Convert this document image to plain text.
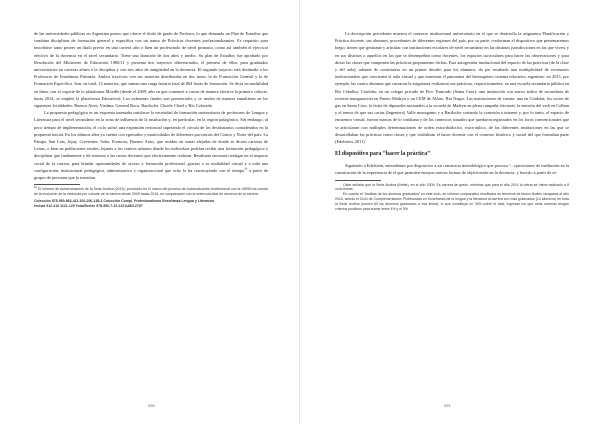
de las universidades públicas en Argentina puesto que ofrece el título de grado de Profesor, lo que demanda un Plan de Estudios que combina disciplinas de formación general y específica con un tramo de Prácticas docentes profesionalizantes. Es requisito para inscribirse tanto poseer un título previo en una carrera afín o bien un profesorado de nivel primario, como así también el ejercicio efectivo de la docencia en el nivel secundario. Tiene una duración de dos años y medio. Su plan de Estudios fue aprobado por Resolución del Ministerio de Educación 1980/11 y presenta dos trayectos diferenciados, el primero de ellos, para graduados universitarios en carreras afines a la disciplina y con tres años de antigüedad en la docencia. El segundo trayecto está destinado a los Profesores de Enseñanza Primaria. Ambos trayectos ven sus materias distribuidas en dos áreas, la de Formación General y la de Formación Específica. Son, en total, 13 materias, que suman una carga horaria total de 864 horas de formación. Se dicta en modalidad en línea, con el soporte de la plataforma Moodle (desde el 2009, año en que comenzó a cursar de manera efectiva la primera cohorte, hasta 2014, se empleó la plataforma Educativa). Los exámenes finales son presenciales y se rinden de manera simultánea en las siguientes localidades: Buenos Aires, Viedma, General Roca, Bariloche, Choele Choel y Río Colorado.

La propuesta pedagógica es un esquema intentaba satisfacer la necesidad de formación universitaria de profesores de Lengua y Literatura para el nivel secundario en la zona de influencia de la institución y, en particular, en la región patagónica. Sin embargo, al poco tiempo de implementación, el ciclo sufrió una expansión territorial superando el circulo de los destinatarios considerados en la propuesta inicial. En los últimos años ya cuenta con egresados y matriculados de diferentes provincias del Centro y Norte del país: La Pampa, San Luis, Jujuy, Corrientes, Salta, Formosa, Buenos Aires, que residen en zonas alejadas de donde es dictan carreras de Letras, o bien en poblaciones rurales, lejanas a los centros urbanos donde los individuos podrían recibir una formación pedagógica y disciplinar que fundamente y dé sustento a las tareas docentes que efectivamente realizan. Resultaría necesario indagar en el impacto social de la carrera, para brindar oportunidades de acceso y formación profesional, gracias a su modalidad virtual y a toda una configuración, institucional pedagógica, administrativa y organizacional que echo lo ha construyendo con el tiempo$^{16}$ a partir de grupos de personas que la transitan.

$^{16}$ El Informe de Autoevaluación de la Sede Andina (2016), producido en el marco del proceso de Autoevaluación Institucional con la UNRN da cuenta de la evolución de la matrícula por cohorte de la carrera desde 2009 hasta 2016, en comparación con la matrícula total de alumnos de la carrera.

Colección 978-950-863-411-302-200-138-3 Colección Compl. Profesionalismo Enseñanza Lengua y Literatura
revista 312-313 1121-125 Total/Series 978-950-7-22-12211863-2757
290

La descripción precedente muestra el contexto institucional universitario en el que se desarrolla la asignatura Planificación y Práctica docente, sus alumnos, procedentes de diferentes regiones del país, por su parte, conforman el dispositivo que presentaremos luego, tienen que gestionar y articular con instituciones escolares de nivel secundario en las distintas jurisdicciones en las que viven, y en sus distritos o aquellos en los que se desempeñan como docentes, los espacios curriculares para hacer las observaciones y para dictar las clases que componen las prácticas propiamente dichas. Esta autogestión institucional del espacio de las prácticas (de la clase y del aula), además de constituirse en un primer desafío para los alumnos, da por resultado una multiplicidad de escenarios institucionales que convienen el aula virtual y que muestran el panorama del heterogéneo sistema educativo argentino: en 2015, por ejemplo, las cuatro alumnas que cursaron la asignatura realizaron sus prácticas, respectivamente, en una escuela secundaria pública en Río Ceballos, Córdoba; en un colegio privado de Pico Truncado (Santa Cruz); una institución con anexo áulico de secundaria de reciente inauguración en Puerto Madryn y un CEM de Alfaro, Río Negro. Las instituciones de cuenta: una en Córdoba, los cortes de gas en Santa Cruz; la visita de diputados nacionales a la escuela de Madryn en plena campaña electoral; la emisión del vedi en Colbun y el temor de que sus cartas (Ingeniero) Valle monogamo y a Bariloche cortando la conexión a internet y, por lo tanto, el espacio de encuentro virtual, fueron marcas de lo cotidiano y de los contextos situados que quedaron registrados en los foros convencionales que se articularon con múltiples determinaciones de orden extra-didáctico, extra-áulico, de las diferentes instituciones en las que se desarrollaban las prácticas como clases y que visibilizan el hacer docente con el contexto histórico y social del que formaban parte (Edelstein, 2011).

El dispositivo para “hacer la práctica”

Siguiendo a Edelstein, entendemos por dispositivo a un constructo metodológico que procura “...operaciones de mediación en la constitución de la experiencia de el que permiten ensayar nuevas formas de objetivación en la docencia, y hacerlo a partir de re-

Cabe señalar que la Sede Andina (ilimite), en el año 2009, Es carrera de grado, mientras que para el año 2014 la oferta se había replicado a 8 ocho lineas.

En cuanto al “Análisis de los alumnos graduados” en este ciclo, en informe comparativo resultados en términos de títulos finales otorgados al año 2016, siendo el Ciclo de Complementación Profesorado en Enseñanza de la lengua y la literatura la carrera con más graduados (14 alumnos) en toda la Sede Andina (sumen 63 los alumnos graduados a esa fecha), lo que constituye un 30% sobre el total, ingresan los que otras carreras tengan criterios positivos para sumar entre 4% y el 5%.

291
